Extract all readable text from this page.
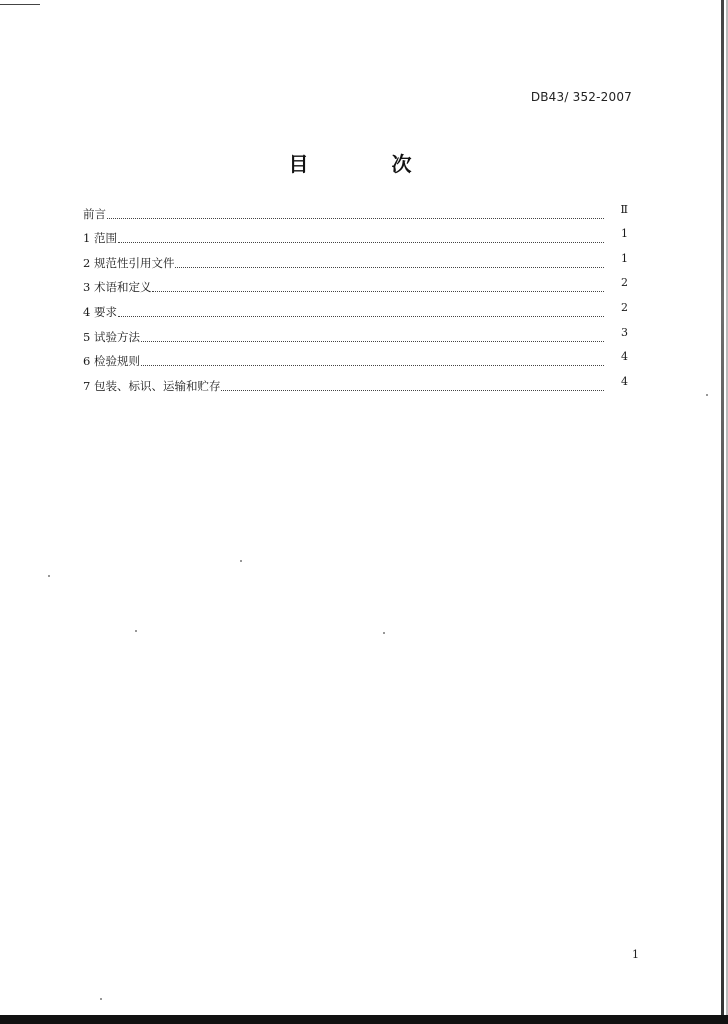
DB43/ 352-2007
目 次
前言	Ⅱ
1 范围	1
2 规范性引用文件	1
3 术语和定义	2
4 要求	2
5 试验方法	3
6 检验规则	4
7 包装、标识、运输和贮存	4
1
